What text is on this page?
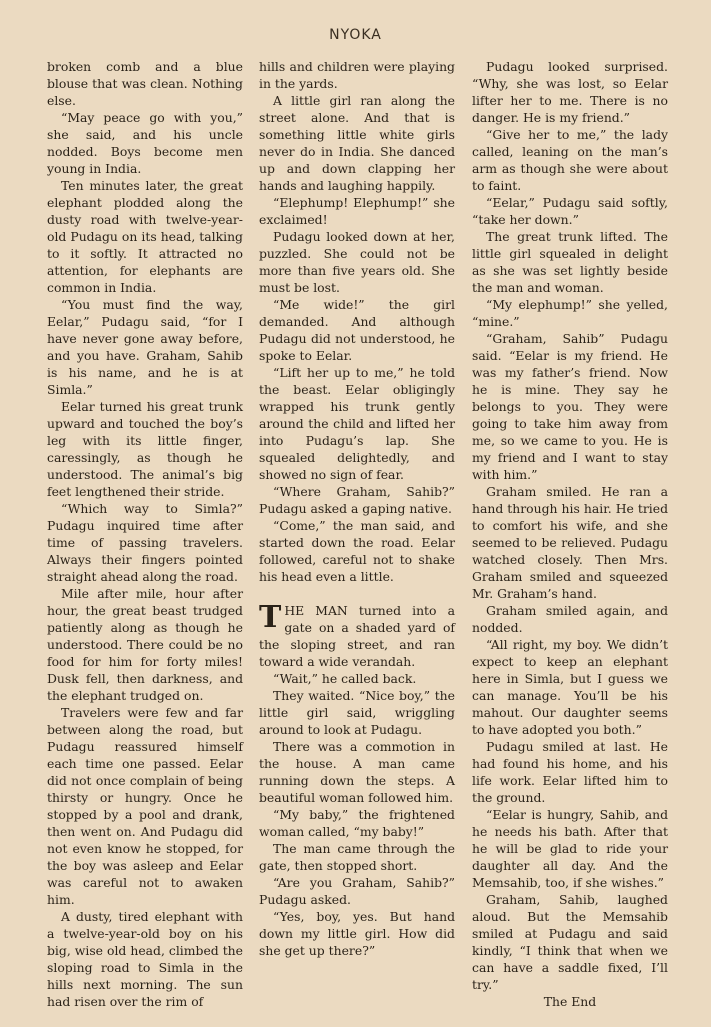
NYOKA

broken comb and a blue blouse that was clean. Nothing else.

“May peace go with you,” she said, and his uncle nodded. Boys become men young in India.

Ten minutes later, the great elephant plodded along the dusty road with twelve-year-old Pudagu on its head, talking to it softly. It attracted no attention, for elephants are common in India.

“You must find the way, Eelar,” Pudagu said, “for I have never gone away before, and you have. Graham, Sahib is his name, and he is at Simla.”

Eelar turned his great trunk upward and touched the boy’s leg with its little finger, caressingly, as though he understood. The animal’s big feet lengthened their stride.

“Which way to Simla?” Pudagu inquired time after time of passing travelers. Always their fingers pointed straight ahead along the road.

Mile after mile, hour after hour, the great beast trudged patiently along as though he understood. There could be no food for him for forty miles! Dusk fell, then darkness, and the elephant trudged on.

Travelers were few and far between along the road, but Pudagu reassured himself each time one passed. Eelar did not once complain of being thirsty or hungry. Once he stopped by a pool and drank, then went on. And Pudagu did not even know he stopped, for the boy was asleep and Eelar was careful not to awaken him.

A dusty, tired elephant with a twelve-year-old boy on his big, wise old head, climbed the sloping road to Simla in the hills next morning. The sun had risen over the rim of

hills and children were playing in the yards.

A little girl ran along the street alone. And that is something little white girls never do in India. She danced up and down clapping her hands and laughing happily.

“Elephump! Elephump!” she exclaimed!

Pudagu looked down at her, puzzled. She could not be more than five years old. She must be lost.

“Me wide!” the girl demanded. And although Pudagu did not understood, he spoke to Eelar.

“Lift her up to me,” he told the beast. Eelar obligingly wrapped his trunk gently around the child and lifted her into Pudagu’s lap. She squealed delightedly, and showed no sign of fear.

“Where Graham, Sahib?” Pudagu asked a gaping native.

“Come,” the man said, and started down the road. Eelar followed, careful not to shake his head even a little.

THE MAN turned into a gate on a shaded yard of the sloping street, and ran toward a wide verandah.

“Wait,” he called back.

They waited. “Nice boy,” the little girl said, wriggling around to look at Pudagu.

There was a commotion in the house. A man came running down the steps. A beautiful woman followed him.

“My baby,” the frightened woman called, “my baby!”

The man came through the gate, then stopped short.

“Are you Graham, Sahib?” Pudagu asked.

“Yes, boy, yes. But hand down my little girl. How did she get up there?”

Pudagu looked surprised. “Why, she was lost, so Eelar lifter her to me. There is no danger. He is my friend.”

“Give her to me,” the lady called, leaning on the man’s arm as though she were about to faint.

“Eelar,” Pudagu said softly, “take her down.”

The great trunk lifted. The little girl squealed in delight as she was set lightly beside the man and woman.

“My elephump!” she yelled, “mine.”

“Graham, Sahib” Pudagu said. “Eelar is my friend. He was my father’s friend. Now he is mine. They say he belongs to you. They were going to take him away from me, so we came to you. He is my friend and I want to stay with him.”

Graham smiled. He ran a hand through his hair. He tried to comfort his wife, and she seemed to be relieved. Pudagu watched closely. Then Mrs. Graham smiled and squeezed Mr. Graham’s hand.

Graham smiled again, and nodded.

“All right, my boy. We didn’t expect to keep an elephant here in Simla, but I guess we can manage. You’ll be his mahout. Our daughter seems to have adopted you both.”

Pudagu smiled at last. He had found his home, and his life work. Eelar lifted him to the ground.

“Eelar is hungry, Sahib, and he needs his bath. After that he will be glad to ride your daughter all day. And the Memsahib, too, if she wishes.”

Graham, Sahib, laughed aloud. But the Memsahib smiled at Pudagu and said kindly, “I think that when we can have a saddle fixed, I’ll try.”

The End
